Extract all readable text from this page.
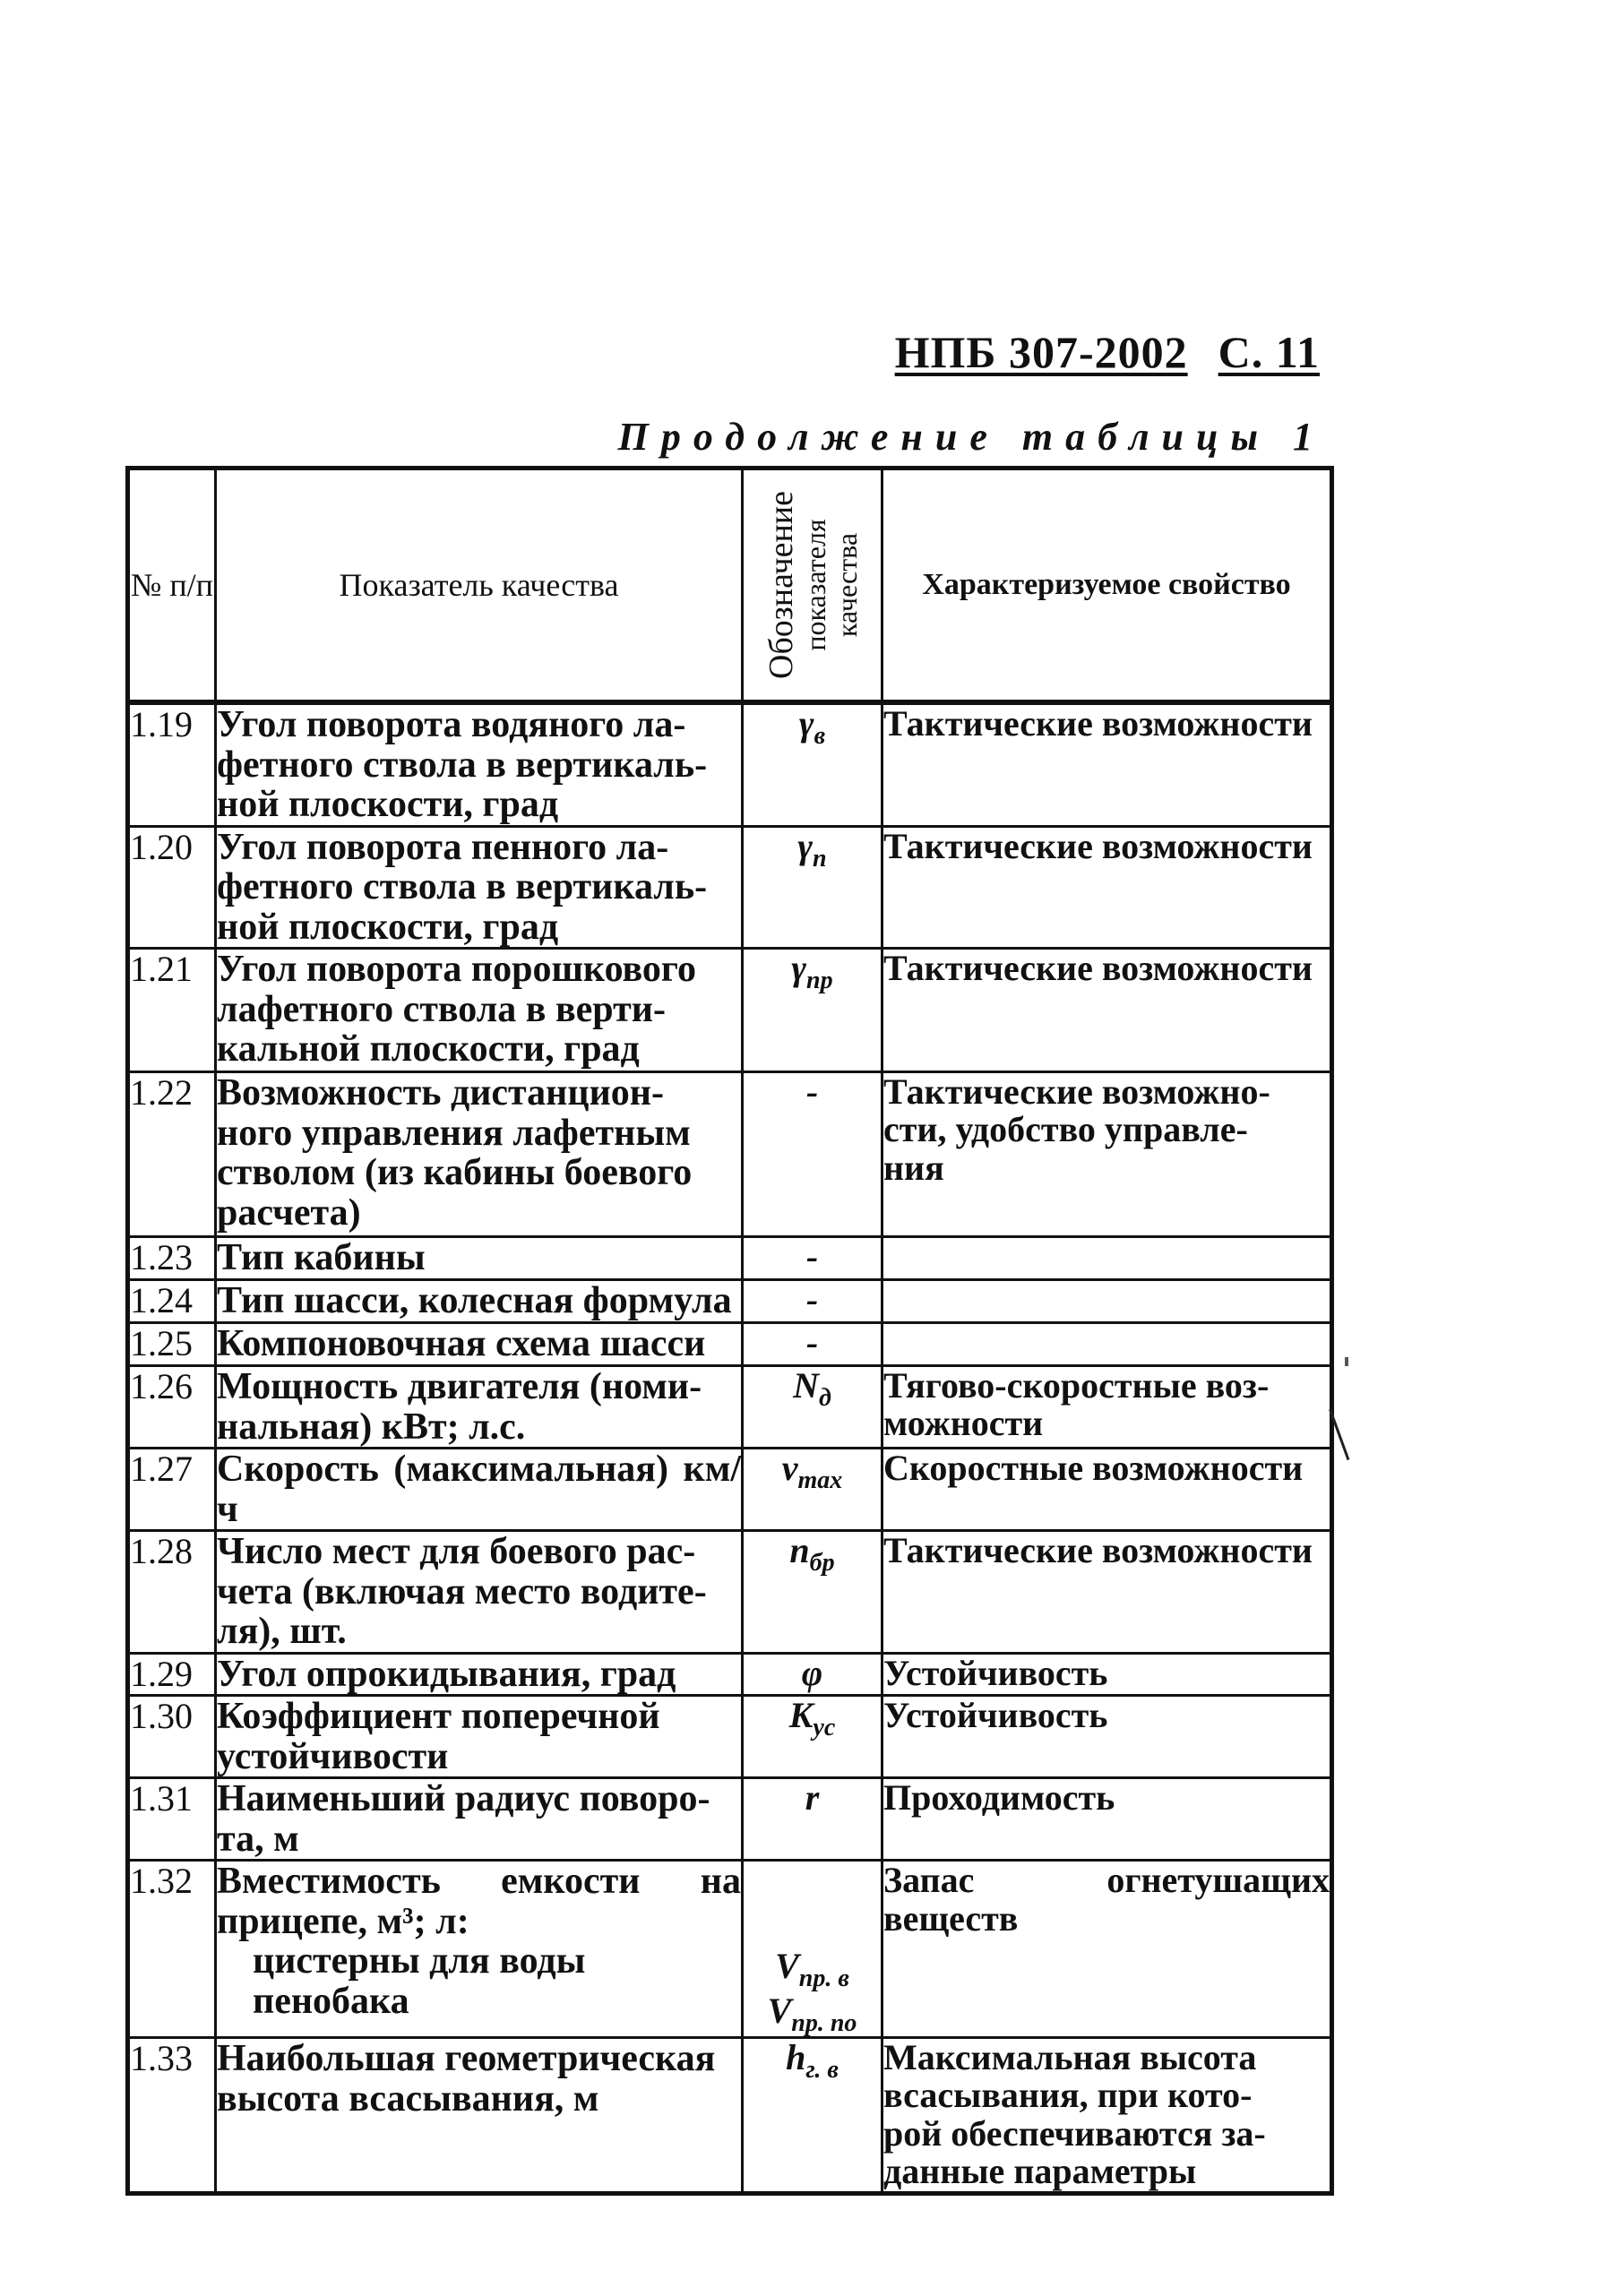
НПБ 307-2002 С. 11
Продолжение таблицы 1
№ п/п	Показатель качества	Обозначение показателя
качества	Характеризуемое свойство
1.19	Угол поворота водяного ла-
фетного ствола в вертикаль-
ной плоскости, град	$\gamma_в$	Тактические возможности
1.20	Угол поворота пенного ла-
фетного ствола в вертикаль-
ной плоскости, град	$\gamma_п$	Тактические возможности
1.21	Угол поворота порошкового
лафетного ствола в верти-
кальной плоскости, град	$\gamma_{пр}$	Тактические возможности
1.22	Возможность дистанцион-
ного управления лафетным
стволом (из кабины боевого
расчета)	-	Тактические возможно-
сти, удобство управле-
ния
1.23	Тип кабины	-	
1.24	Тип шасси, колесная формула	-	
1.25	Компоновочная схема шасси	-	
1.26	Мощность двигателя (номи-
нальная) кВт; л.с.	$N_д$	Тягово-скоростные воз-
можности
1.27	Скорость (максимальная) км/ч	$v_{max}$	Скоростные возможности
1.28	Число мест для боевого рас-
чета (включая место водите-
ля), шт.	$n_{бр}$	Тактические возможности
1.29	Угол опрокидывания, град	φ	Устойчивость
1.30	Коэффициент поперечной
устойчивости	$K_{ус}$	Устойчивость
1.31	Наименьший радиус поворо-
та, м	r	Проходимость
1.32	Вместимость емкости на прицепе, м³; л:
цистерны для воды
пенобака	$V_{пр. в}$
$V_{пр. по}$	Запас огнетушащих веществ
1.33	Наибольшая геометрическая
высота всасывания, м	$h_{г. в}$	Максимальная высота
всасывания, при кото-
рой обеспечиваются за-
данные параметры
